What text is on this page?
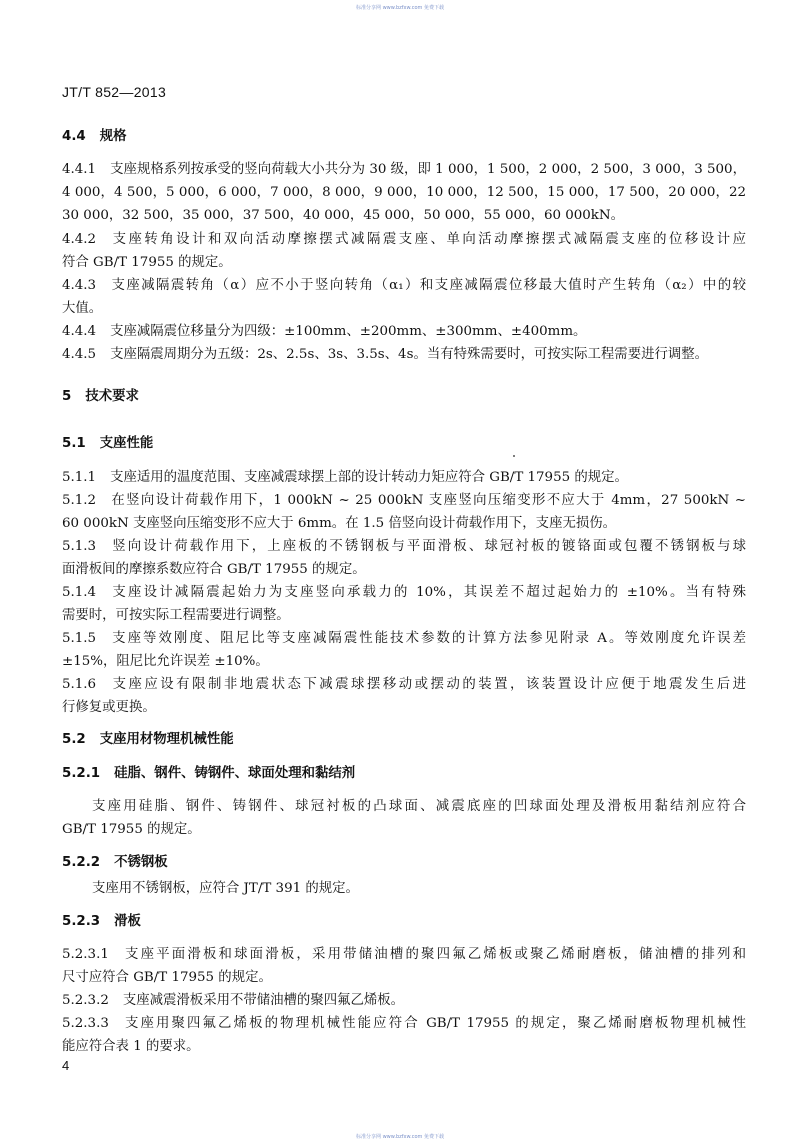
标准分享网 www.bzfxw.com 免费下载
JT/T 852—2013
4.4 规格
4.4.1 支座规格系列按承受的竖向荷载大小共分为 30 级，即 1 000，1 500，2 000，2 500，3 000，3 500，
4 000，4 500，5 000，6 000，7 000，8 000，9 000，10 000，12 500，15 000，17 500，20 000，22
30 000，32 500，35 000，37 500，40 000，45 000，50 000，55 000，60 000kN。
4.4.2 支座转角设计和双向活动摩擦摆式减隔震支座、单向活动摩擦摆式减隔震支座的位移设计应
符合 GB/T 17955 的规定。
4.4.3 支座减隔震转角（α）应不小于竖向转角（α₁）和支座减隔震位移最大值时产生转角（α₂）中的较
大值。
4.4.4 支座减隔震位移量分为四级：±100mm、±200mm、±300mm、±400mm。
4.4.5 支座隔震周期分为五级：2s、2.5s、3s、3.5s、4s。当有特殊需要时，可按实际工程需要进行调整。
5 技术要求
5.1 支座性能
5.1.1 支座适用的温度范围、支座减震球摆上部的设计转动力矩应符合 GB/T 17955 的规定。
5.1.2 在竖向设计荷载作用下，1 000kN ~ 25 000kN 支座竖向压缩变形不应大于 4mm，27 500kN ~
60 000kN 支座竖向压缩变形不应大于 6mm。在 1.5 倍竖向设计荷载作用下，支座无损伤。
5.1.3 竖向设计荷载作用下，上座板的不锈钢板与平面滑板、球冠衬板的镀铬面或包覆不锈钢板与球
面滑板间的摩擦系数应符合 GB/T 17955 的规定。
5.1.4 支座设计减隔震起始力为支座竖向承载力的 10%，其误差不超过起始力的 ±10%。当有特殊
需要时，可按实际工程需要进行调整。
5.1.5 支座等效刚度、阻尼比等支座减隔震性能技术参数的计算方法参见附录 A。等效刚度允许误差
±15%，阻尼比允许误差 ±10%。
5.1.6 支座应设有限制非地震状态下减震球摆移动或摆动的装置，该装置设计应便于地震发生后进
行修复或更换。
5.2 支座用材物理机械性能
5.2.1 硅脂、钢件、铸钢件、球面处理和黏结剂
支座用硅脂、钢件、铸钢件、球冠衬板的凸球面、减震底座的凹球面处理及滑板用黏结剂应符合
GB/T 17955 的规定。
5.2.2 不锈钢板
支座用不锈钢板，应符合 JT/T 391 的规定。
5.2.3 滑板
5.2.3.1 支座平面滑板和球面滑板，采用带储油槽的聚四氟乙烯板或聚乙烯耐磨板，储油槽的排列和
尺寸应符合 GB/T 17955 的规定。
5.2.3.2 支座减震滑板采用不带储油槽的聚四氟乙烯板。
5.2.3.3 支座用聚四氟乙烯板的物理机械性能应符合 GB/T 17955 的规定，聚乙烯耐磨板物理机械性
能应符合表 1 的要求。
4
标准分享网 www.bzfxw.com 免费下载
